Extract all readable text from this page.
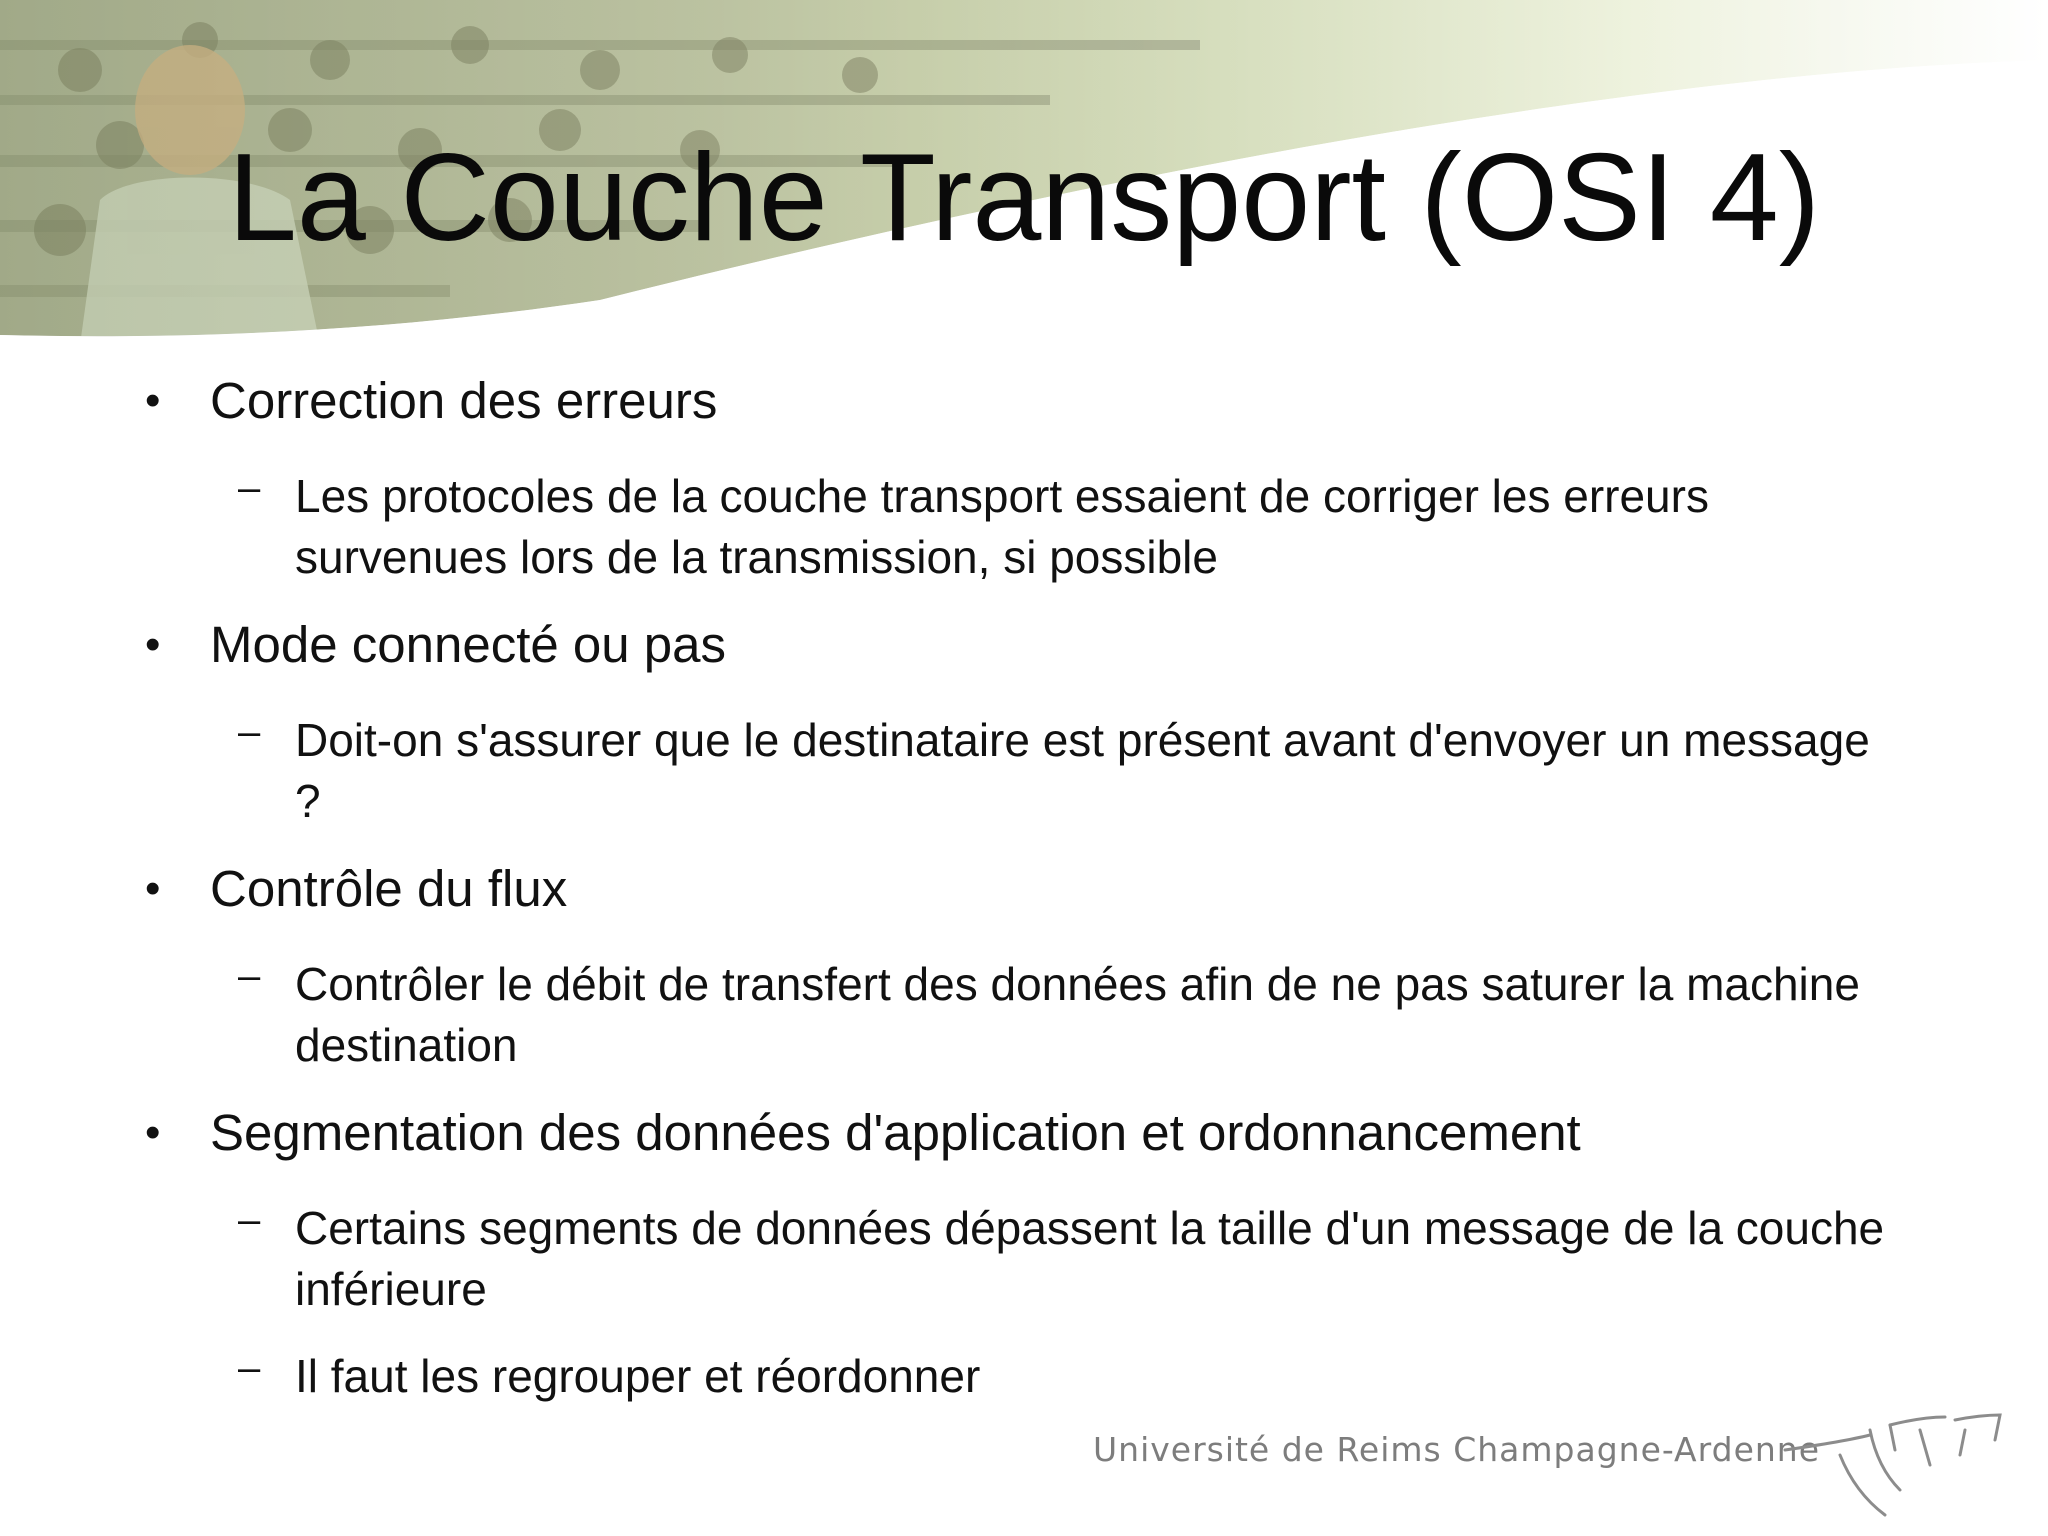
La Couche Transport (OSI 4)
• Correction des erreurs
– Les protocoles de la couche transport essaient de corriger les erreurs survenues lors de la transmission, si possible
• Mode connecté ou pas
– Doit-on s'assurer que le destinataire est présent avant d'envoyer un message ?
• Contrôle du flux
– Contrôler le débit de transfert des données afin de ne pas saturer la machine destination
• Segmentation des données d'application et ordonnancement
– Certains segments de données dépassent la taille d'un message de la couche inférieure
– Il faut les regrouper et réordonner
Université de Reims Champagne-Ardenne
